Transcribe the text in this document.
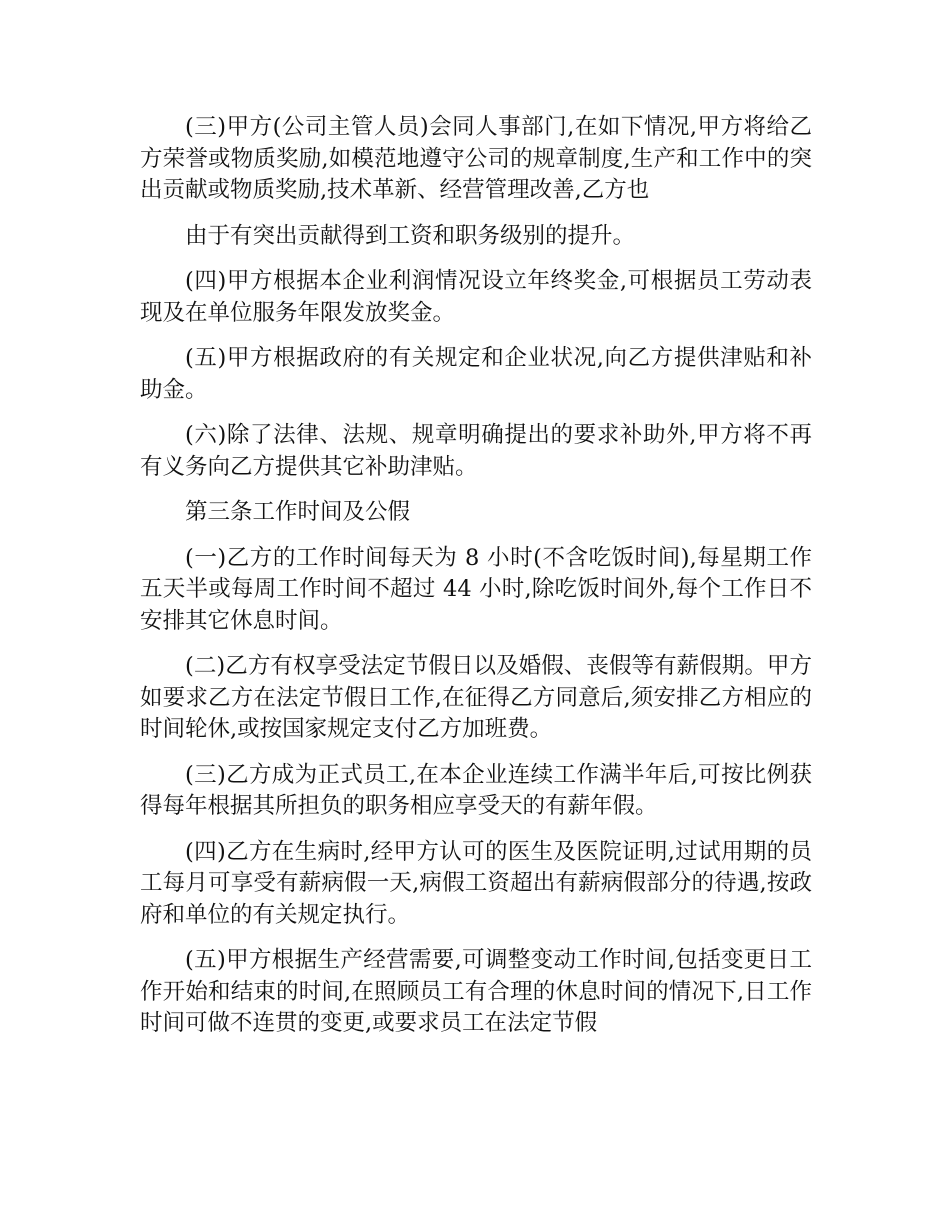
(三)甲方(公司主管人员)会同人事部门,在如下情况,甲方将给乙方荣誉或物质奖励,如模范地遵守公司的规章制度,生产和工作中的突出贡献或物质奖励,技术革新、经营管理改善,乙方也

由于有突出贡献得到工资和职务级别的提升。

(四)甲方根据本企业利润情况设立年终奖金,可根据员工劳动表现及在单位服务年限发放奖金。

(五)甲方根据政府的有关规定和企业状况,向乙方提供津贴和补助金。

(六)除了法律、法规、规章明确提出的要求补助外,甲方将不再有义务向乙方提供其它补助津贴。

第三条工作时间及公假

(一)乙方的工作时间每天为 8 小时(不含吃饭时间),每星期工作五天半或每周工作时间不超过 44 小时,除吃饭时间外,每个工作日不安排其它休息时间。

(二)乙方有权享受法定节假日以及婚假、丧假等有薪假期。甲方如要求乙方在法定节假日工作,在征得乙方同意后,须安排乙方相应的时间轮休,或按国家规定支付乙方加班费。

(三)乙方成为正式员工,在本企业连续工作满半年后,可按比例获得每年根据其所担负的职务相应享受天的有薪年假。

(四)乙方在生病时,经甲方认可的医生及医院证明,过试用期的员工每月可享受有薪病假一天,病假工资超出有薪病假部分的待遇,按政府和单位的有关规定执行。

(五)甲方根据生产经营需要,可调整变动工作时间,包括变更日工作开始和结束的时间,在照顾员工有合理的休息时间的情况下,日工作时间可做不连贯的变更,或要求员工在法定节假
